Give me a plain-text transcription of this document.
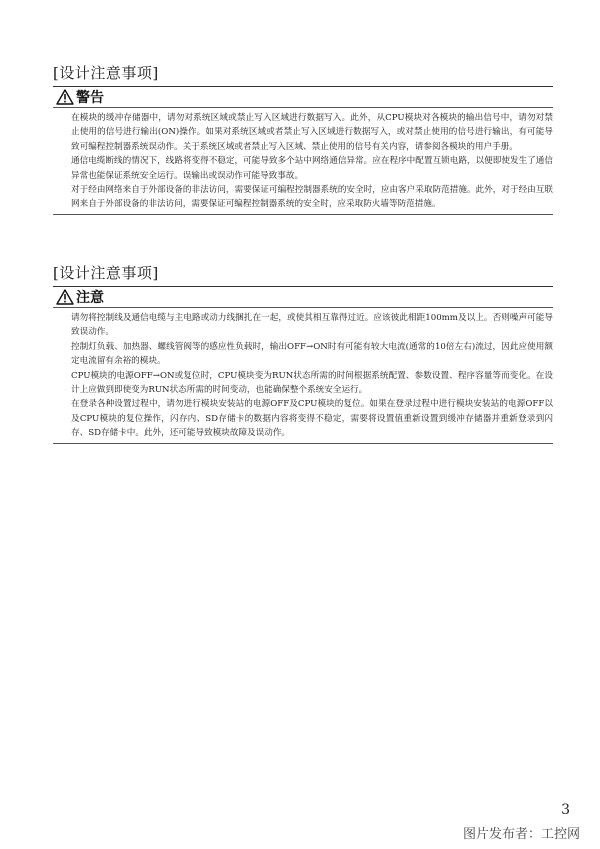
[设计注意事项]
警告

在模块的缓冲存储器中，请勿对系统区域或禁止写入区域进行数据写入。此外，从CPU模块对各模块的输出信号中，请勿对禁止使用的信号进行输出(ON)操作。如果对系统区域或者禁止写入区域进行数据写入，或对禁止使用的信号进行输出，有可能导致可编程控制器系统误动作。关于系统区域或者禁止写入区域、禁止使用的信号有关内容，请参阅各模块的用户手册。

通信电缆断线的情况下，线路将变得不稳定，可能导致多个站中网络通信异常。应在程序中配置互锁电路，以便即使发生了通信异常也能保证系统安全运行。误输出或误动作可能导致事故。

对于经由网络来自于外部设备的非法访问，需要保证可编程控制器系统的安全时，应由客户采取防范措施。此外，对于经由互联网来自于外部设备的非法访问，需要保证可编程控制器系统的安全时，应采取防火墙等防范措施。

[设计注意事项]
注意

请勿将控制线及通信电缆与主电路或动力线捆扎在一起，或使其相互靠得过近。应该彼此相距100mm及以上。否则噪声可能导致误动作。

控制灯负载、加热器、螺线管阀等的感应性负载时，输出OFF→ON时有可能有较大电流(通常的10倍左右)流过，因此应使用额定电流留有余裕的模块。

CPU模块的电源OFF→ON或复位时，CPU模块变为RUN状态所需的时间根据系统配置、参数设置、程序容量等而变化。在设计上应做到即使变为RUN状态所需的时间变动，也能确保整个系统安全运行。

在登录各种设置过程中，请勿进行模块安装站的电源OFF及CPU模块的复位。如果在登录过程中进行模块安装站的电源OFF以及CPU模块的复位操作，闪存内、SD存储卡的数据内容将变得不稳定，需要将设置值重新设置到缓冲存储器并重新登录到闪存、SD存储卡中。此外，还可能导致模块故障及误动作。

3
图片发布者：工控网
